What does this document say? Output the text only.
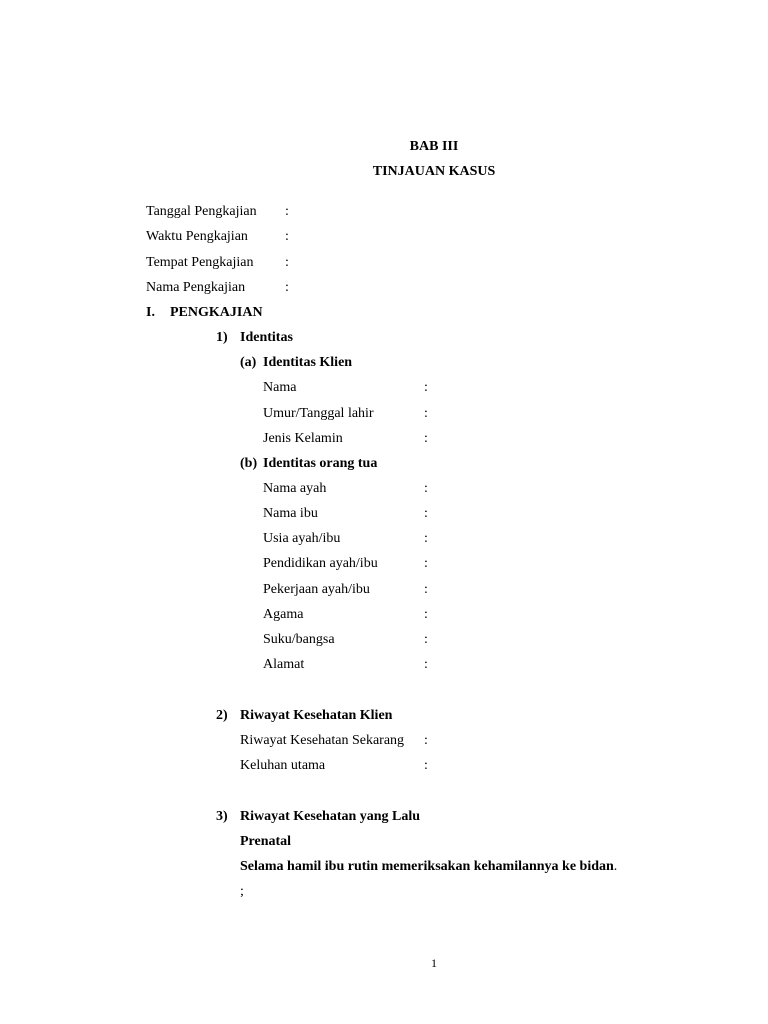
BAB III
TINJAUAN KASUS
Tanggal Pengkajian :
Waktu Pengkajian	:
Tempat Pengkajian :
Nama Pengkajian	:
I. PENGKAJIAN
1) Identitas
(a) Identitas Klien
Nama	:
Umur/Tanggal lahir	:
Jenis Kelamin	:
(b) Identitas orang tua
Nama ayah	:
Nama ibu	:
Usia ayah/ibu	:
Pendidikan ayah/ibu	:
Pekerjaan ayah/ibu	:
Agama	:
Suku/bangsa	:
Alamat	:
2) Riwayat Kesehatan Klien
Riwayat Kesehatan Sekarang :
Keluhan utama	:
3) Riwayat Kesehatan yang Lalu
Prenatal
Selama hamil ibu rutin memeriksakan kehamilannya ke bidan.
;
1
